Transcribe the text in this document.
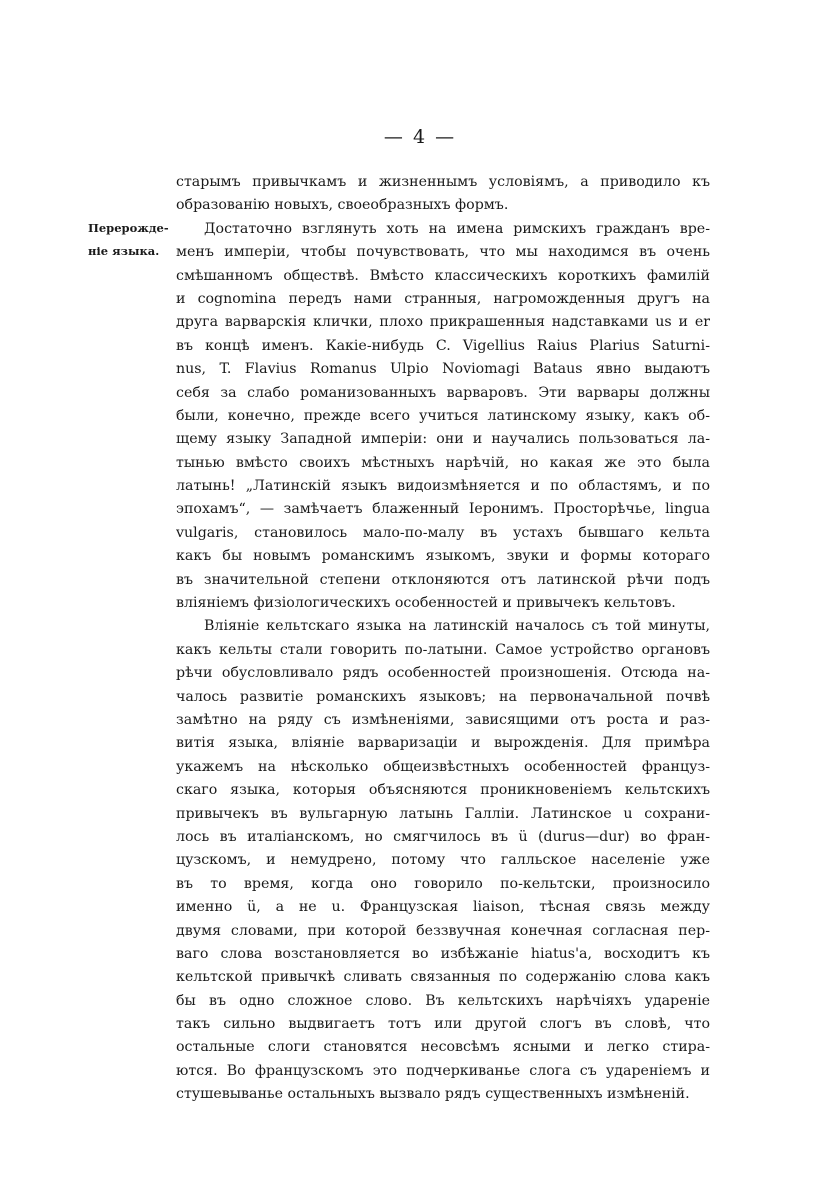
— 4 —
Перерожде-
ніе языка.
старымъ привычкамъ и жизненнымъ условіямъ, а приводило къ
образованію новыхъ, своеобразныхъ формъ.
Достаточно взглянуть хоть на имена римскихъ гражданъ вре-
менъ имперіи, чтобы почувствовать, что мы находимся въ очень
смѣшанномъ обществѣ. Вмѣсто классическихъ короткихъ фамилій
и cognomina передъ нами странныя, нагроможденныя другъ на
друга варварскія клички, плохо прикрашенныя надставками us и er
въ концѣ именъ. Какіе-нибудь C. Vigellius Raius Plarius Saturni-
nus, T. Flavius Romanus Ulpio Noviomagi Bataus явно выдаютъ
себя за слабо романизованныхъ варваровъ. Эти варвары должны
были, конечно, прежде всего учиться латинскому языку, какъ об-
щему языку Западной имперіи: они и научались пользоваться ла-
тынью вмѣсто своихъ мѣстныхъ нарѣчій, но какая же это была
латынь! „Латинскій языкъ видоизмѣняется и по областямъ, и по
эпохамъ“, — замѣчаетъ блаженный Іеронимъ. Просторѣчье, lingua
vulgaris, становилось мало-по-малу въ устахъ бывшаго кельта
какъ бы новымъ романскимъ языкомъ, звуки и формы котораго
въ значительной степени отклоняются отъ латинской рѣчи подъ
вліяніемъ физіологическихъ особенностей и привычекъ кельтовъ.
Вліяніе кельтскаго языка на латинскій началось съ той минуты,
какъ кельты стали говорить по-латыни. Самое устройство органовъ
рѣчи обусловливало рядъ особенностей произношенія. Отсюда на-
чалось развитіе романскихъ языковъ; на первоначальной почвѣ
замѣтно на ряду съ измѣненіями, зависящими отъ роста и раз-
витія языка, вліяніе варваризаціи и вырожденія. Для примѣра
укажемъ на нѣсколько общеизвѣстныхъ особенностей француз-
скаго языка, которыя объясняются проникновеніемъ кельтскихъ
привычекъ въ вульгарную латынь Галліи. Латинское u сохрани-
лось въ италіанскомъ, но смягчилось въ ü (durus—dur) во фран-
цузскомъ, и немудрено, потому что галльское населеніе уже
въ то время, когда оно говорило по-кельтски, произносило
именно ü, а не u. Французская liaison, тѣсная связь между
двумя словами, при которой беззвучная конечная согласная пер-
ваго слова возстановляется во избѣжаніе hiatus'а, восходитъ къ
кельтской привычкѣ сливать связанныя по содержанію слова какъ
бы въ одно сложное слово. Въ кельтскихъ нарѣчіяхъ удареніе
такъ сильно выдвигаетъ тотъ или другой слогъ въ словѣ, что
остальные слоги становятся несовсѣмъ ясными и легко стира-
ются. Во французскомъ это подчеркиванье слога съ удареніемъ и
стушевыванье остальныхъ вызвало рядъ существенныхъ измѣненій.
